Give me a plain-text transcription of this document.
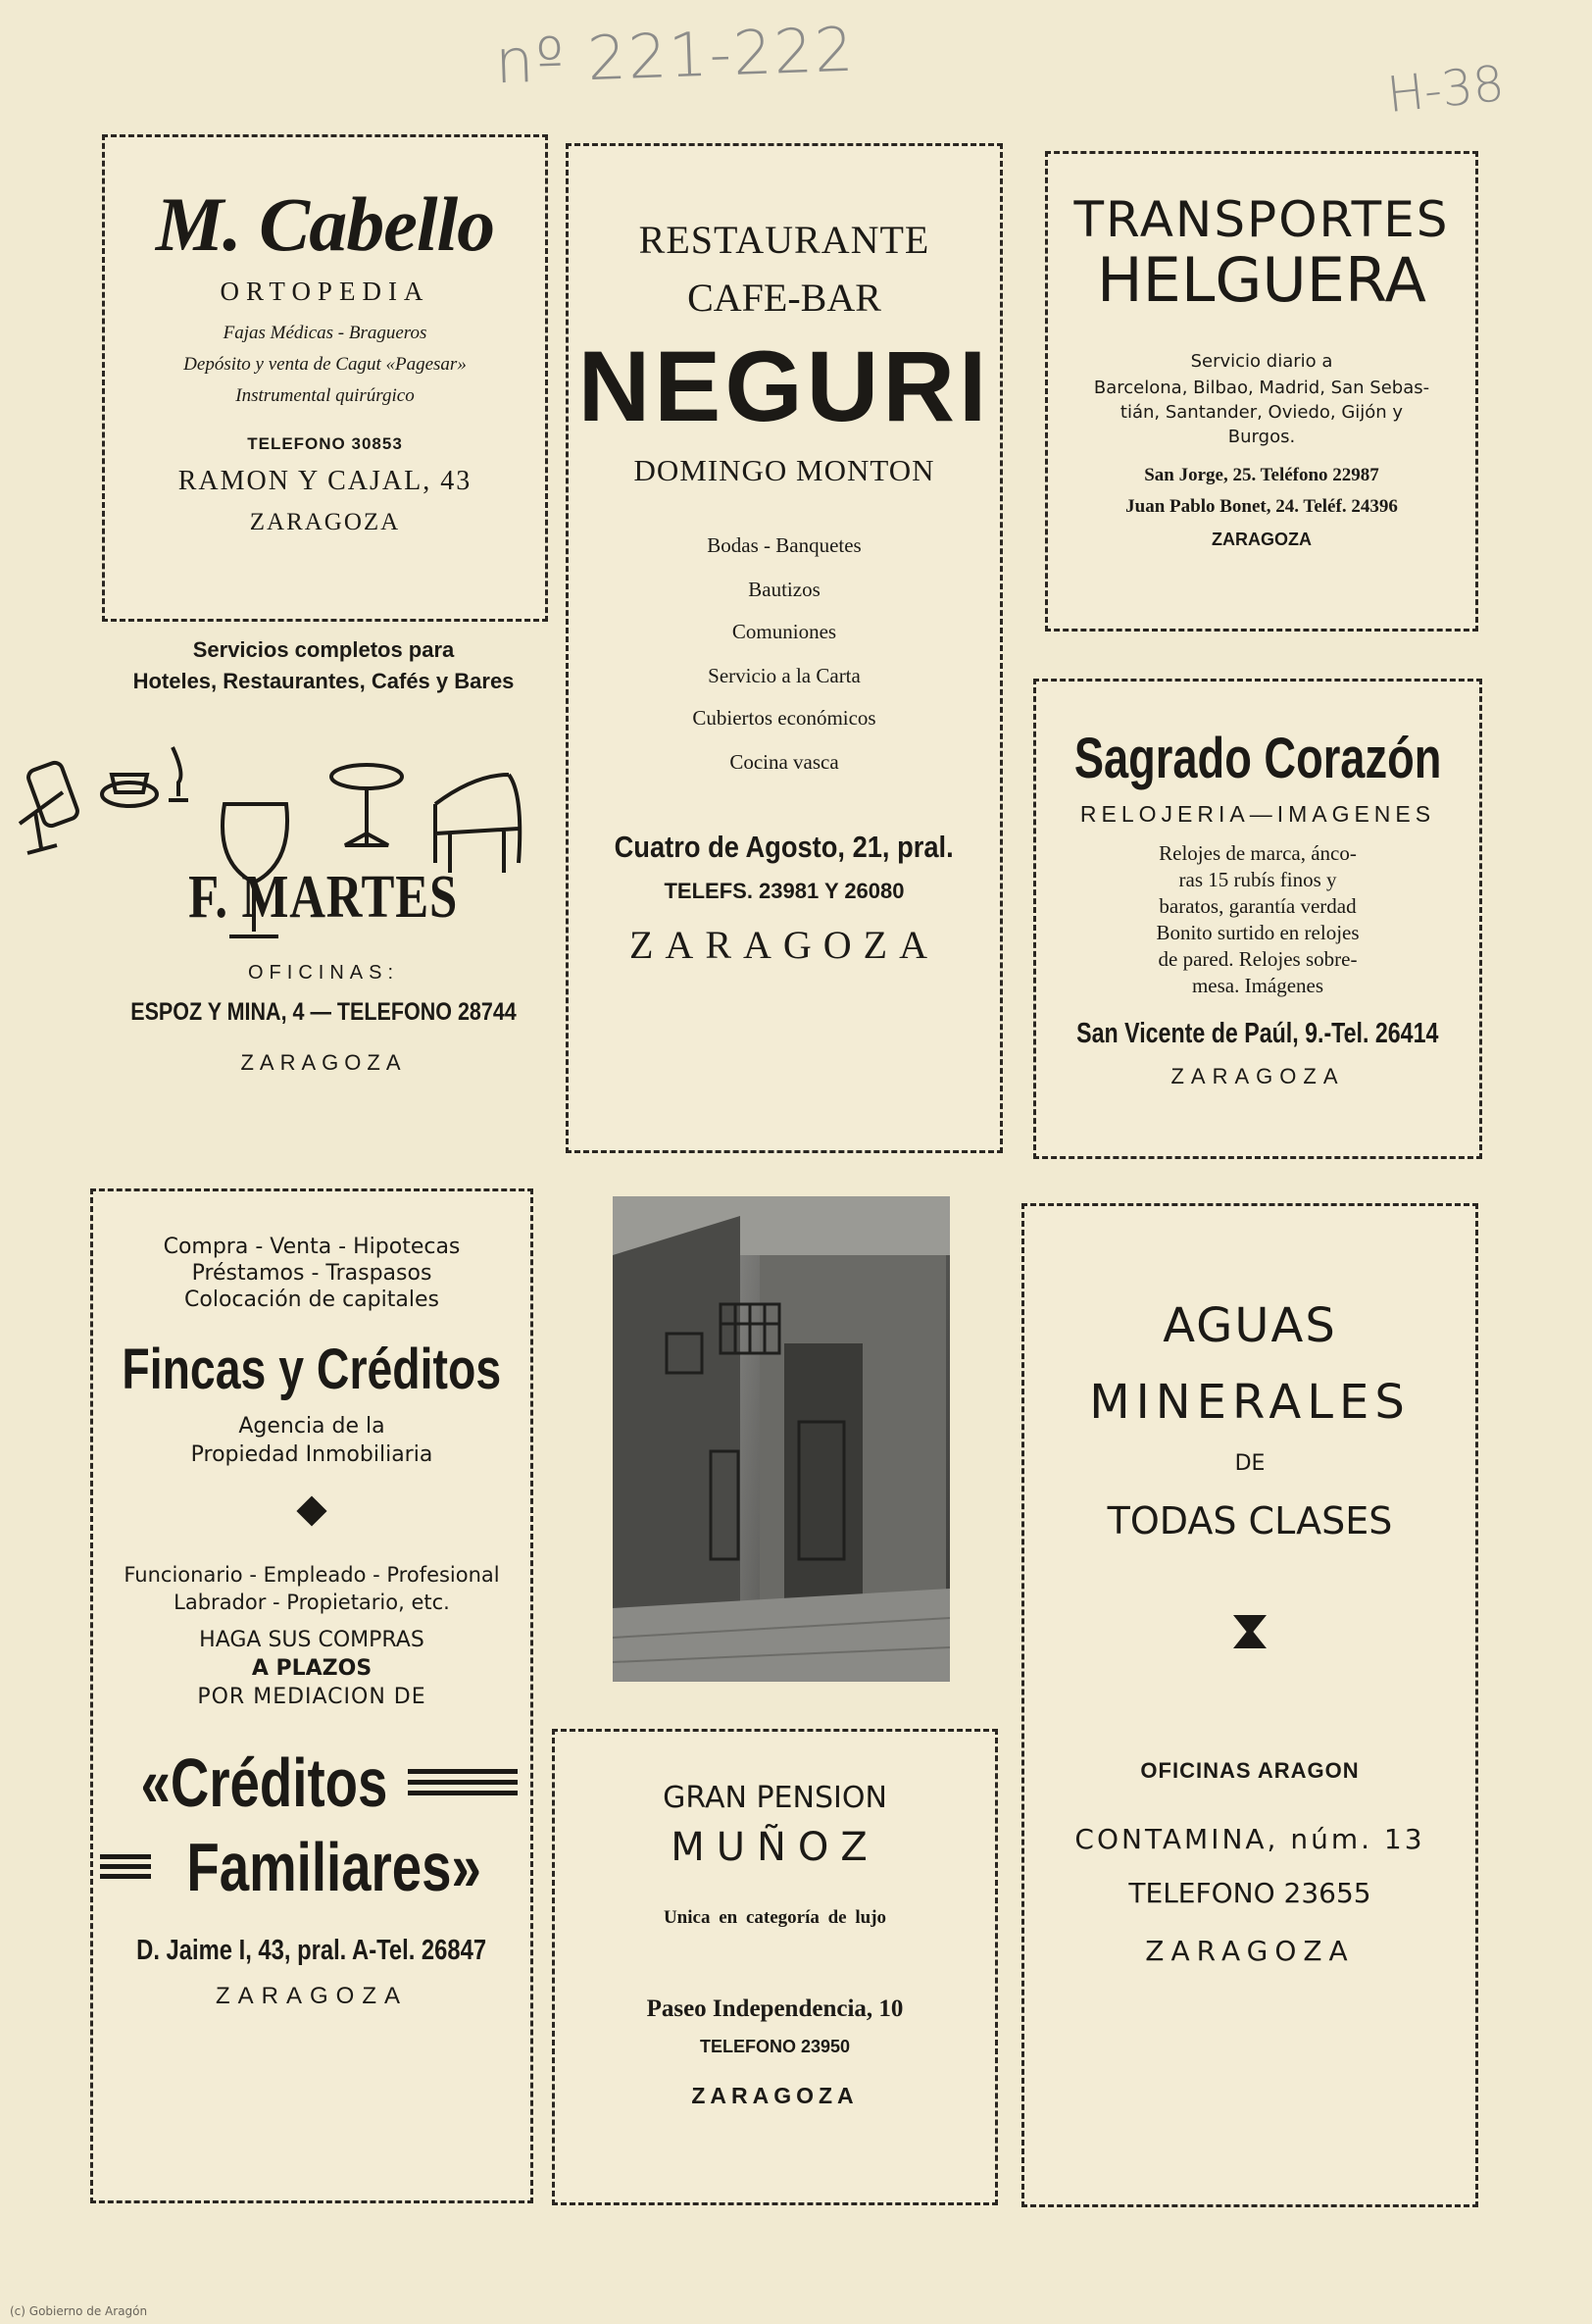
nº 221-222	H-38
M. Cabello
ORTOPEDIA
Fajas Médicas - Bragueros
Depósito y venta de Cagut «Pagesar»
Instrumental quirúrgico
TELEFONO 30853
RAMON Y CAJAL, 43
ZARAGOZA
Servicios completos para
Hoteles, Restaurantes, Cafés y Bares
F. MARTES
OFICINAS:
ESPOZ Y MINA, 4 — TELEFONO 28744
ZARAGOZA
RESTAURANTE
CAFE-BAR
NEGURI
DOMINGO MONTON
Bodas - Banquetes
Bautizos
Comuniones
Servicio a la Carta
Cubiertos económicos
Cocina vasca
Cuatro de Agosto, 21, pral.
TELEFS. 23981 Y 26080
ZARAGOZA
TRANSPORTES
HELGUERA
Servicio diario a
Barcelona, Bilbao, Madrid, San Sebas-
tián, Santander, Oviedo, Gijón y
Burgos.
San Jorge, 25. Teléfono 22987
Juan Pablo Bonet, 24. Teléf. 24396
ZARAGOZA
Sagrado Corazón
RELOJERIA—IMAGENES
Relojes de marca, ánco-
ras 15 rubís finos y
baratos, garantía verdad
Bonito surtido en relojes
de pared. Relojes sobre-
mesa. Imágenes
San Vicente de Paúl, 9.-Tel. 26414
ZARAGOZA
Compra - Venta - Hipotecas
Préstamos - Traspasos
Colocación de capitales
Fincas y Créditos
Agencia de la
Propiedad Inmobiliaria
Funcionario - Empleado - Profesional
Labrador - Propietario, etc.
HAGA SUS COMPRAS
A PLAZOS
POR MEDIACION DE
«Créditos
Familiares»
D. Jaime I, 43, pral. A-Tel. 26847
ZARAGOZA
GRAN PENSION
MUÑOZ
Unica en categoría de lujo
Paseo Independencia, 10
TELEFONO 23950
ZARAGOZA
AGUAS
MINERALES
DE
TODAS CLASES
OFICINAS ARAGON
CONTAMINA, núm. 13
TELEFONO 23655
ZARAGOZA
(c) Gobierno de Aragón
